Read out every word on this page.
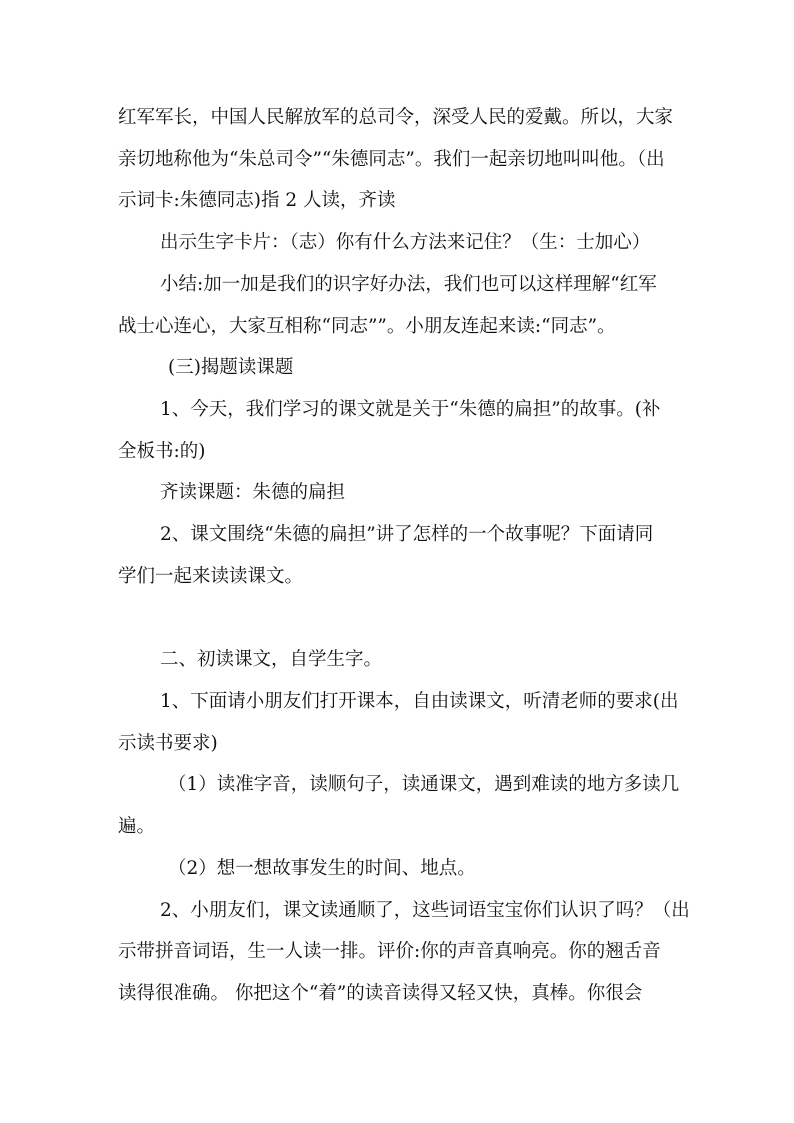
红军军长，中国人民解放军的总司令，深受人民的爱戴。所以，大家
亲切地称他为“朱总司令”“朱德同志”。我们一起亲切地叫叫他。（出
示词卡:朱德同志)指 2 人读，齐读
出示生字卡片：（志）你有什么方法来记住？（生：士加心）
小结:加一加是我们的识字好办法，我们也可以这样理解“红军
战士心连心，大家互相称“同志””。小朋友连起来读:“同志”。
(三)揭题读课题
1、今天，我们学习的课文就是关于“朱德的扁担”的故事。(补
全板书:的)
齐读课题：朱德的扁担
2、课文围绕“朱德的扁担”讲了怎样的一个故事呢？下面请同
学们一起来读读课文。
二、初读课文，自学生字。
1、下面请小朋友们打开课本，自由读课文，听清老师的要求(出
示读书要求)
（1）读准字音，读顺句子，读通课文，遇到难读的地方多读几
遍。
（2）想一想故事发生的时间、地点。
2、小朋友们，课文读通顺了，这些词语宝宝你们认识了吗？（出
示带拼音词语，生一人读一排。评价:你的声音真响亮。你的翘舌音
读得很准确。 你把这个“着”的读音读得又轻又快，真棒。你很会
